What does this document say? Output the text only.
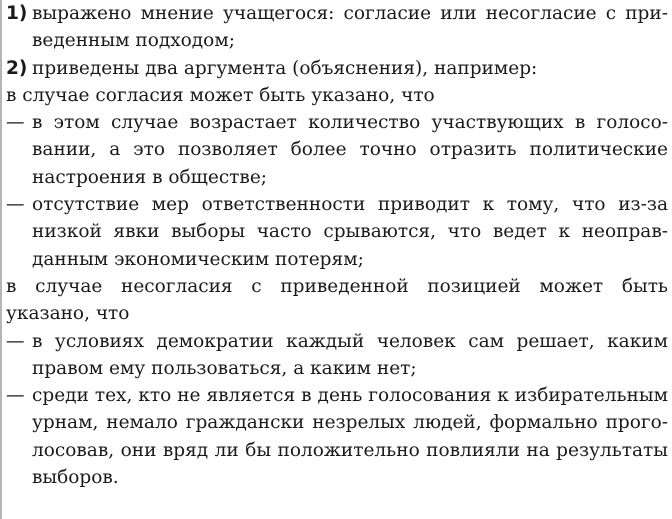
1) выражено мнение учащегося: согласие или несогласие с приведенным подходом;

2) приведены два аргумента (объяснения), например:

в случае согласия может быть указано, что

— в этом случае возрастает количество участвующих в голосовании, а это позволяет более точно отразить политические настроения в обществе;

— отсутствие мер ответственности приводит к тому, что из-за низкой явки выборы часто срываются, что ведет к неоправданным экономическим потерям;

в случае несогласия с приведенной позицией может быть указано, что

— в условиях демократии каждый человек сам решает, каким правом ему пользоваться, а каким нет;

— среди тех, кто не является в день голосования к избирательным урнам, немало граждански незрелых людей, формально проголосовав, они вряд ли бы положительно повлияли на результаты выборов.
